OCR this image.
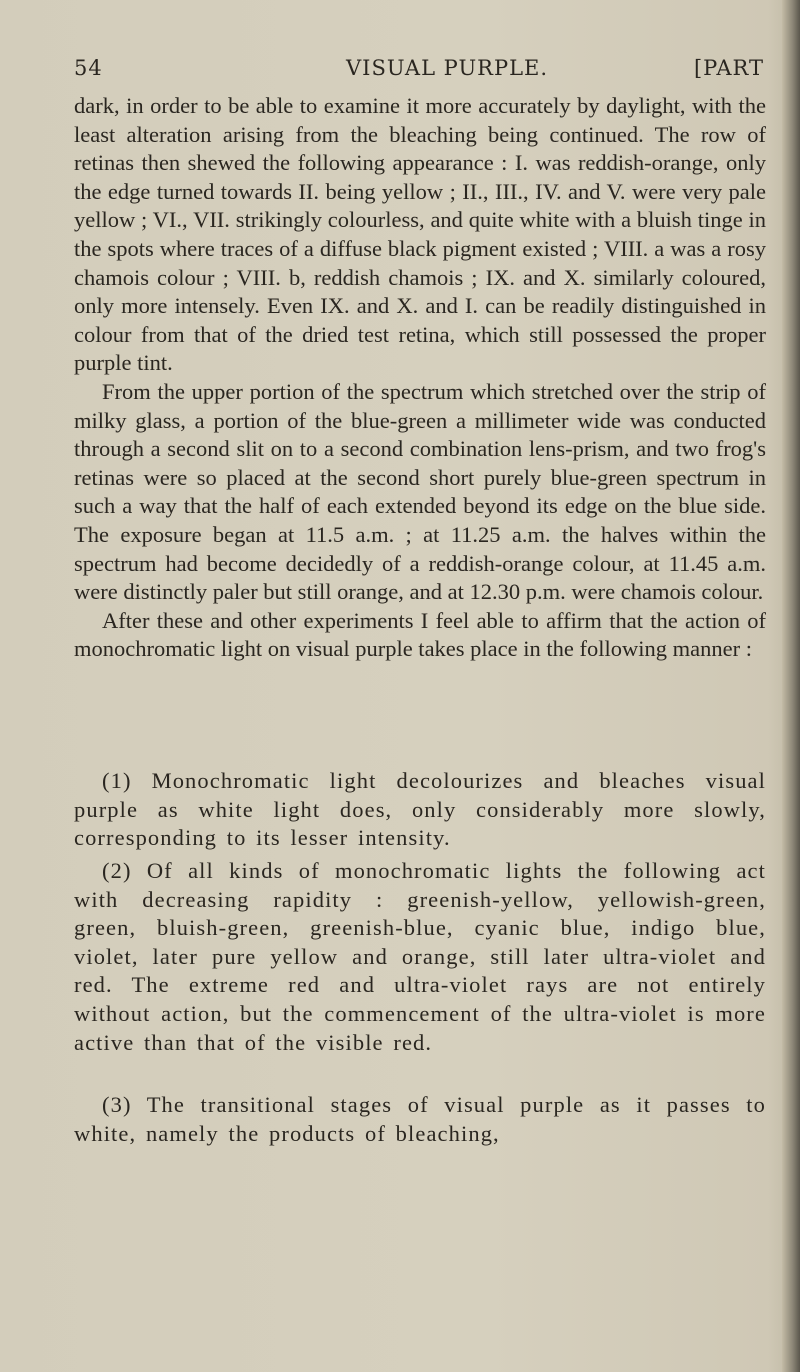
54	VISUAL PURPLE.	[PART

dark, in order to be able to examine it more accurately by daylight, with the least alteration arising from the bleaching being continued. The row of retinas then shewed the following appearance : I. was reddish-orange, only the edge turned towards II. being yellow ; II., III., IV. and V. were very pale yellow ; VI., VII. strikingly colourless, and quite white with a bluish tinge in the spots where traces of a diffuse black pigment existed ; VIII. a was a rosy chamois colour ; VIII. b, reddish chamois ; IX. and X. similarly coloured, only more intensely. Even IX. and X. and I. can be readily distinguished in colour from that of the dried test retina, which still possessed the proper purple tint.

From the upper portion of the spectrum which stretched over the strip of milky glass, a portion of the blue-green a millimeter wide was conducted through a second slit on to a second combination lens-prism, and two frog's retinas were so placed at the second short purely blue-green spectrum in such a way that the half of each extended beyond its edge on the blue side. The exposure began at 11.5 a.m. ; at 11.25 a.m. the halves within the spectrum had become decidedly of a reddish-orange colour, at 11.45 a.m. were distinctly paler but still orange, and at 12.30 p.m. were chamois colour.

After these and other experiments I feel able to affirm that the action of monochromatic light on visual purple takes place in the following manner :

(1) Monochromatic light decolourizes and bleaches visual purple as white light does, only considerably more slowly, corresponding to its lesser intensity.

(2) Of all kinds of monochromatic lights the following act with decreasing rapidity : greenish-yellow, yellowish-green, green, bluish-green, greenish-blue, cyanic blue, indigo blue, violet, later pure yellow and orange, still later ultra-violet and red. The extreme red and ultra-violet rays are not entirely without action, but the commencement of the ultra-violet is more active than that of the visible red.

(3) The transitional stages of visual purple as it passes to white, namely the products of bleaching,
